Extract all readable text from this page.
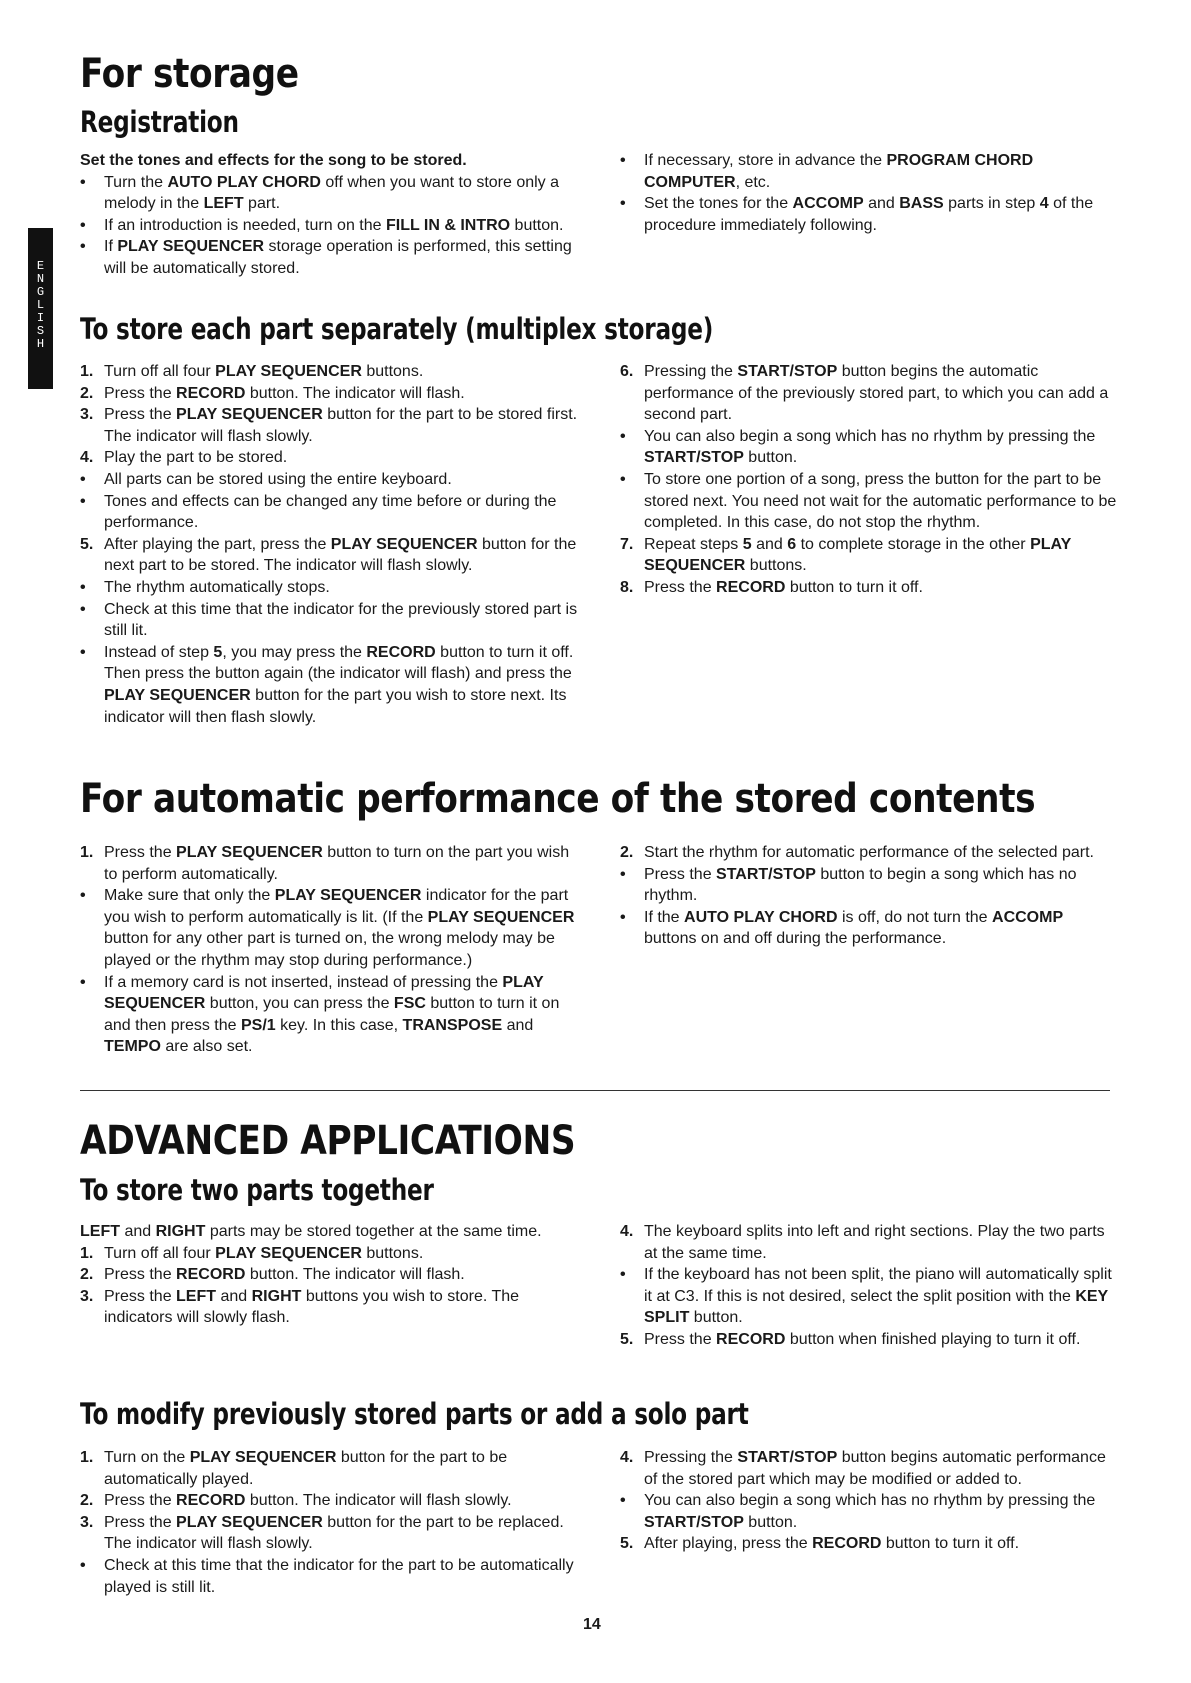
E
N
G
L
I
S
H
For storage
Registration
Set the tones and effects for the song to be stored.
•	Turn the AUTO PLAY CHORD off when you want to store only a melody in the LEFT part.
•	If an introduction is needed, turn on the FILL IN & INTRO button.
•	If PLAY SEQUENCER storage operation is performed, this setting will be automatically stored.
•	If necessary, store in advance the PROGRAM CHORD COMPUTER, etc.
•	Set the tones for the ACCOMP and BASS parts in step 4 of the procedure immediately following.
To store each part separately (multiplex storage)
1. Turn off all four PLAY SEQUENCER buttons.
2. Press the RECORD button. The indicator will flash.
3. Press the PLAY SEQUENCER button for the part to be stored first. The indicator will flash slowly.
4. Play the part to be stored.
•	All parts can be stored using the entire keyboard.
•	Tones and effects can be changed any time before or during the performance.
5. After playing the part, press the PLAY SEQUENCER button for the next part to be stored. The indicator will flash slowly.
•	The rhythm automatically stops.
•	Check at this time that the indicator for the previously stored part is still lit.
•	Instead of step 5, you may press the RECORD button to turn it off. Then press the button again (the indicator will flash) and press the PLAY SEQUENCER button for the part you wish to store next. Its indicator will then flash slowly.
6. Pressing the START/STOP button begins the automatic performance of the previously stored part, to which you can add a second part.
•	You can also begin a song which has no rhythm by pressing the START/STOP button.
•	To store one portion of a song, press the button for the part to be stored next. You need not wait for the automatic performance to be completed. In this case, do not stop the rhythm.
7. Repeat steps 5 and 6 to complete storage in the other PLAY SEQUENCER buttons.
8. Press the RECORD button to turn it off.
For automatic performance of the stored contents
1. Press the PLAY SEQUENCER button to turn on the part you wish to perform automatically.
•	Make sure that only the PLAY SEQUENCER indicator for the part you wish to perform automatically is lit. (If the PLAY SEQUENCER button for any other part is turned on, the wrong melody may be played or the rhythm may stop during performance.)
•	If a memory card is not inserted, instead of pressing the PLAY SEQUENCER button, you can press the FSC button to turn it on and then press the PS/1 key. In this case, TRANSPOSE and TEMPO are also set.
2. Start the rhythm for automatic performance of the selected part.
•	Press the START/STOP button to begin a song which has no rhythm.
•	If the AUTO PLAY CHORD is off, do not turn the ACCOMP buttons on and off during the performance.
ADVANCED APPLICATIONS
To store two parts together
LEFT and RIGHT parts may be stored together at the same time.
1. Turn off all four PLAY SEQUENCER buttons.
2. Press the RECORD button. The indicator will flash.
3. Press the LEFT and RIGHT buttons you wish to store. The indicators will slowly flash.
4. The keyboard splits into left and right sections. Play the two parts at the same time.
•	If the keyboard has not been split, the piano will automatically split it at C3. If this is not desired, select the split position with the KEY SPLIT button.
5. Press the RECORD button when finished playing to turn it off.
To modify previously stored parts or add a solo part
1. Turn on the PLAY SEQUENCER button for the part to be automatically played.
2. Press the RECORD button. The indicator will flash slowly.
3. Press the PLAY SEQUENCER button for the part to be replaced. The indicator will flash slowly.
•	Check at this time that the indicator for the part to be automatically played is still lit.
4. Pressing the START/STOP button begins automatic performance of the stored part which may be modified or added to.
•	You can also begin a song which has no rhythm by pressing the START/STOP button.
5. After playing, press the RECORD button to turn it off.
14
